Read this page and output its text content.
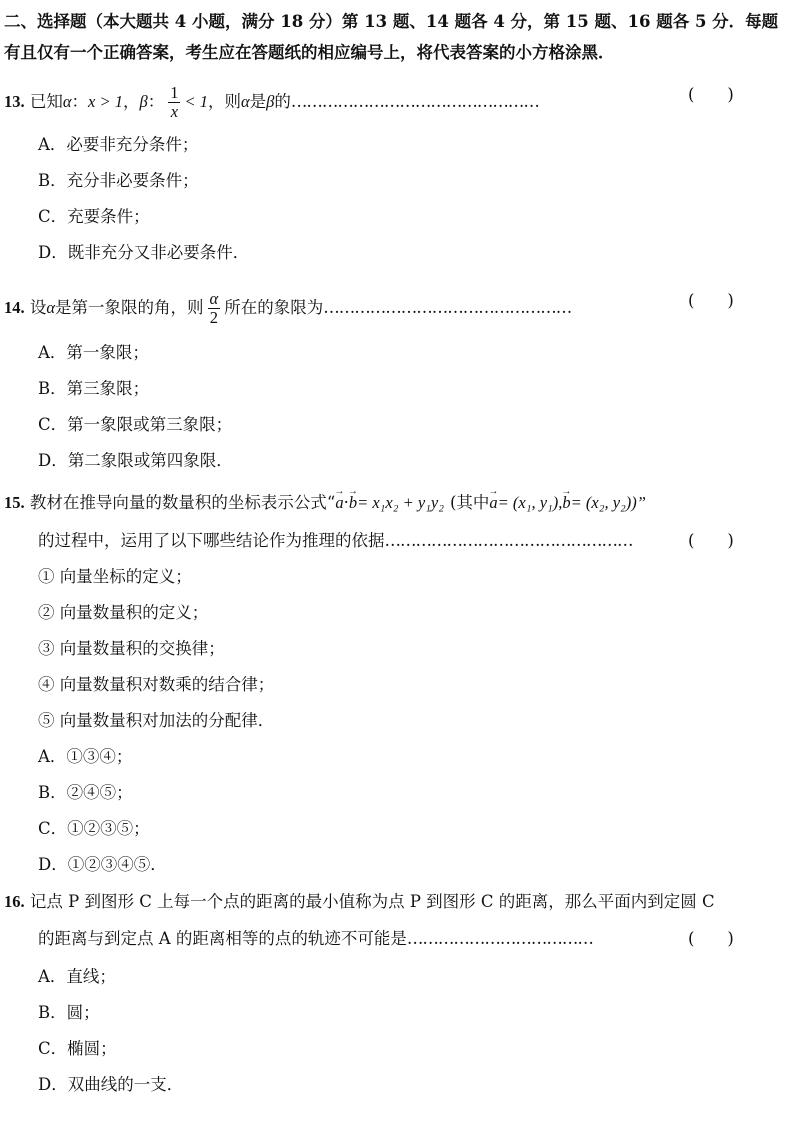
二、选择题（本大题共 4 小题，满分 18 分）第 13 题、14 题各 4 分，第 15 题、16 题各 5 分．每题
有且仅有一个正确答案，考生应在答题纸的相应编号上，将代表答案的小方格涂黑．
13. 已知α：x > 1，β： $\frac{1}{x} < 1$，则α是β的…………………………………………	(　　)
A．必要非充分条件；
B．充分非必要条件；
C．充要条件；
D．既非充分又非必要条件．
14. 设α是第一象限的角，则 $\frac{\alpha}{2}$ 所在的象限为…………………………………………	(　　)
A．第一象限；
B．第三象限；
C．第一象限或第三象限；
D．第二象限或第四象限．
15. 教材在推导向量的数量积的坐标表示公式“→ a·→ b= x₁x₂ + y₁y₂ (其中→ a= (x₁, y₁),→ b= (x₂, y₂))”
的过程中，运用了以下哪些结论作为推理的依据…………………………………………	(　　)
① 向量坐标的定义；
② 向量数量积的定义；
③ 向量数量积的交换律；
④ 向量数量积对数乘的结合律；
⑤ 向量数量积对加法的分配律．
A．①③④；
B．②④⑤；
C．①②③⑤；
D．①②③④⑤．
16. 记点 P 到图形 C 上每一个点的距离的最小值称为点 P 到图形 C 的距离，那么平面内到定圆 C
的距离与到定点 A 的距离相等的点的轨迹不可能是………………………………	(　　)
A．直线；
B．圆；
C．椭圆；
D．双曲线的一支．
